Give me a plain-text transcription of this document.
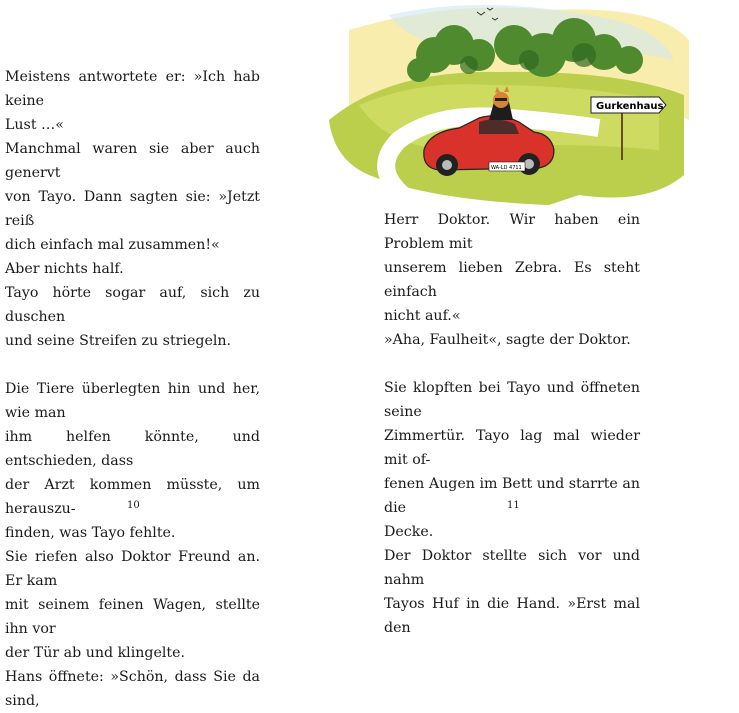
Meistens antwortete er: »Ich hab keine

Lust …«

Manchmal waren sie aber auch genervt

von Tayo. Dann sagten sie: »Jetzt reiß

dich einfach mal zusammen!«

Aber nichts half.

Tayo hörte sogar auf, sich zu duschen

und seine Streifen zu striegeln.

Die Tiere überlegten hin und her, wie man

ihm helfen könnte, und entschieden, dass

der Arzt kommen müsste, um herauszu-

finden, was Tayo fehlte.

Sie riefen also Doktor Freund an. Er kam

mit seinem feinen Wagen, stellte ihn vor

der Tür ab und klingelte.

Hans öffnete: »Schön, dass Sie da sind,

10
Gurkenhaus
WA-LD 4711

Herr Doktor. Wir haben ein Problem mit

unserem lieben Zebra. Es steht einfach

nicht auf.«

»Aha, Faulheit«, sagte der Doktor.

Sie klopften bei Tayo und öffneten seine

Zimmertür. Tayo lag mal wieder mit of-

fenen Augen im Bett und starrte an die

Decke.

Der Doktor stellte sich vor und nahm

Tayos Huf in die Hand. »Erst mal den

11
